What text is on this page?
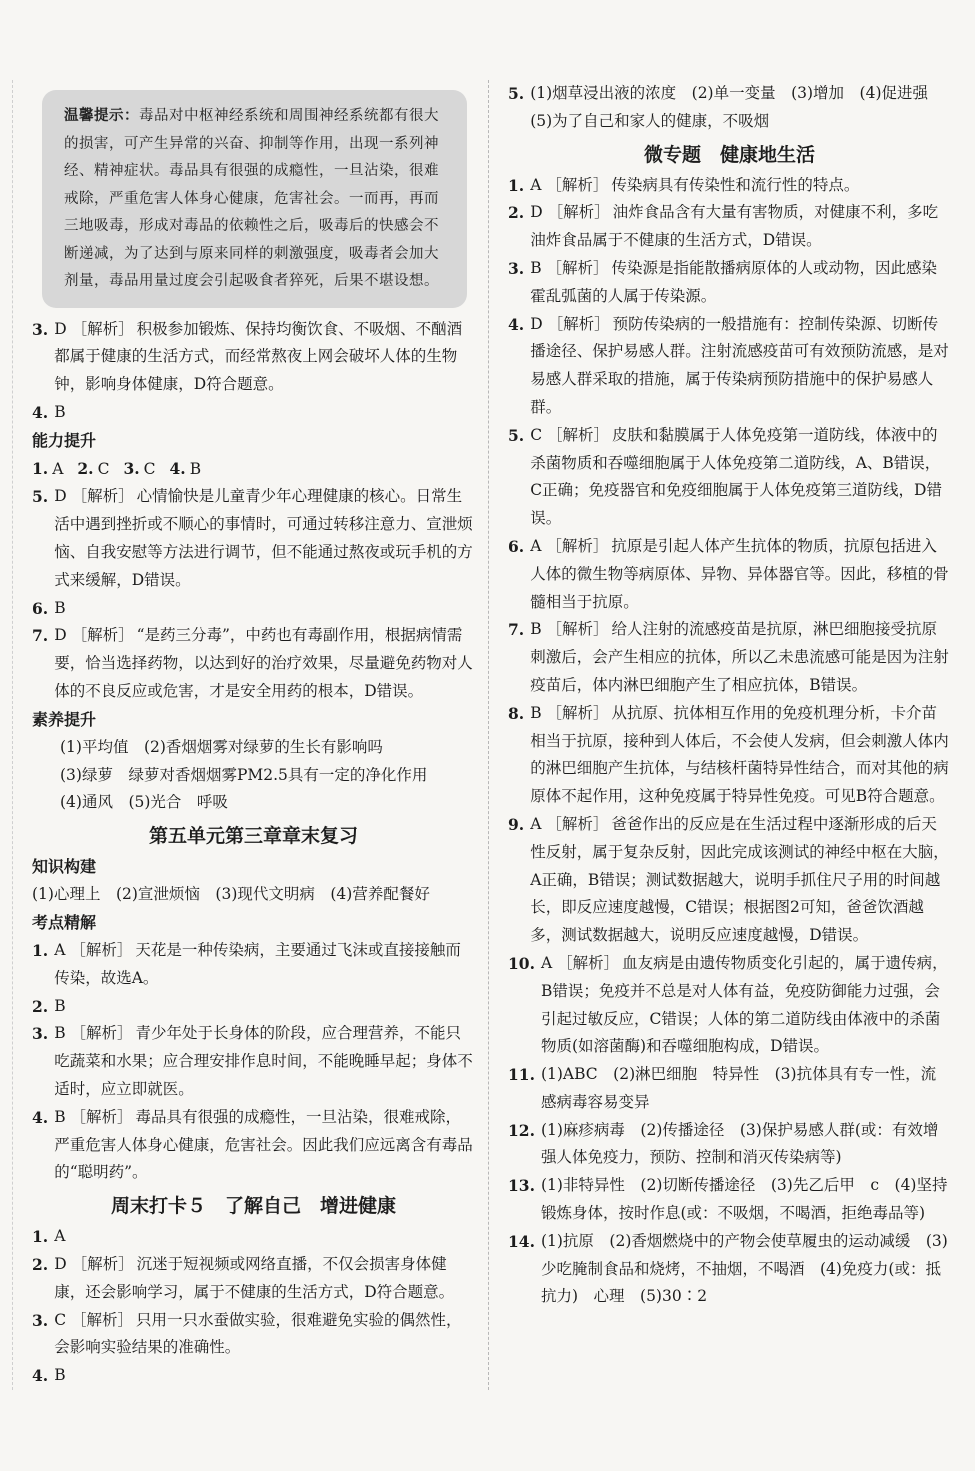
温馨提示：毒品对中枢神经系统和周围神经系统都有很大的损害，可产生异常的兴奋、抑制等作用，出现一系列神经、精神症状。毒品具有很强的成瘾性，一旦沾染，很难戒除，严重危害人体身心健康，危害社会。一而再，再而三地吸毒，形成对毒品的依赖性之后，吸毒后的快感会不断递减，为了达到与原来同样的刺激强度，吸毒者会加大剂量，毒品用量过度会引起吸食者猝死，后果不堪设想。
3. D ［解析］ 积极参加锻炼、保持均衡饮食、不吸烟、不酗酒都属于健康的生活方式，而经常熬夜上网会破坏人体的生物钟，影响身体健康，D符合题意。
4. B

能力提升

1. A 2. C 3. C 4. B
5. D ［解析］ 心情愉快是儿童青少年心理健康的核心。日常生活中遇到挫折或不顺心的事情时，可通过转移注意力、宣泄烦恼、自我安慰等方法进行调节，但不能通过熬夜或玩手机的方式来缓解，D错误。
6. B
7. D ［解析］ “是药三分毒”，中药也有毒副作用，根据病情需要，恰当选择药物，以达到好的治疗效果，尽量避免药物对人体的不良反应或危害，才是安全用药的根本，D错误。

素养提升

(1)平均值　(2)香烟烟雾对绿萝的生长有影响吗
(3)绿萝　绿萝对香烟烟雾PM2.5具有一定的净化作用
(4)通风　(5)光合　呼吸

第五单元第三章章末复习

知识构建

(1)心理上　(2)宣泄烦恼　(3)现代文明病　(4)营养配餐好

考点精解

1. A ［解析］ 天花是一种传染病，主要通过飞沫或直接接触而传染，故选A。
2. B
3. B ［解析］ 青少年处于长身体的阶段，应合理营养，不能只吃蔬菜和水果；应合理安排作息时间，不能晚睡早起；身体不适时，应立即就医。
4. B ［解析］ 毒品具有很强的成瘾性，一旦沾染，很难戒除，严重危害人体身心健康，危害社会。因此我们应远离含有毒品的“聪明药”。

周末打卡５　了解自己　增进健康

1. A
2. D ［解析］ 沉迷于短视频或网络直播，不仅会损害身体健康，还会影响学习，属于不健康的生活方式，D符合题意。
3. C ［解析］ 只用一只水蚕做实验，很难避免实验的偶然性，会影响实验结果的准确性。
4. B
5. (1)烟草浸出液的浓度　(2)单一变量　(3)增加　(4)促进强　(5)为了自己和家人的健康，不吸烟

微专题　健康地生活

1. A ［解析］ 传染病具有传染性和流行性的特点。
2. D ［解析］ 油炸食品含有大量有害物质，对健康不利，多吃油炸食品属于不健康的生活方式，D错误。
3. B ［解析］ 传染源是指能散播病原体的人或动物，因此感染霍乱弧菌的人属于传染源。
4. D ［解析］ 预防传染病的一般措施有：控制传染源、切断传播途径、保护易感人群。注射流感疫苗可有效预防流感，是对易感人群采取的措施，属于传染病预防措施中的保护易感人群。
5. C ［解析］ 皮肤和黏膜属于人体免疫第一道防线，体液中的杀菌物质和吞噬细胞属于人体免疫第二道防线，A、B错误，C正确；免疫器官和免疫细胞属于人体免疫第三道防线，D错误。
6. A ［解析］ 抗原是引起人体产生抗体的物质，抗原包括进入人体的微生物等病原体、异物、异体器官等。因此，移植的骨髓相当于抗原。
7. B ［解析］ 给人注射的流感疫苗是抗原，淋巴细胞接受抗原刺激后，会产生相应的抗体，所以乙未患流感可能是因为注射疫苗后，体内淋巴细胞产生了相应抗体，B错误。
8. B ［解析］ 从抗原、抗体相互作用的免疫机理分析，卡介苗相当于抗原，接种到人体后，不会使人发病，但会刺激人体内的淋巴细胞产生抗体，与结核杆菌特异性结合，而对其他的病原体不起作用，这种免疫属于特异性免疫。可见B符合题意。
9. A ［解析］ 爸爸作出的反应是在生活过程中逐渐形成的后天性反射，属于复杂反射，因此完成该测试的神经中枢在大脑，A正确，B错误；测试数据越大，说明手抓住尺子用的时间越长，即反应速度越慢，C错误；根据图2可知，爸爸饮酒越多，测试数据越大，说明反应速度越慢，D错误。
10. A ［解析］ 血友病是由遗传物质变化引起的，属于遗传病，B错误；免疫并不总是对人体有益，免疫防御能力过强，会引起过敏反应，C错误；人体的第二道防线由体液中的杀菌物质(如溶菌酶)和吞噬细胞构成，D错误。
11. (1)ABC　(2)淋巴细胞　特异性　(3)抗体具有专一性，流感病毒容易变异
12. (1)麻疹病毒　(2)传播途径　(3)保护易感人群(或：有效增强人体免疫力，预防、控制和消灭传染病等)
13. (1)非特异性　(2)切断传播途径　(3)先乙后甲　c　(4)坚持锻炼身体，按时作息(或：不吸烟，不喝酒，拒绝毒品等)
14. (1)抗原　(2)香烟燃烧中的产物会使草履虫的运动减缓　(3)少吃腌制食品和烧烤，不抽烟，不喝酒　(4)免疫力(或：抵抗力)　心理　(5)30∶2
